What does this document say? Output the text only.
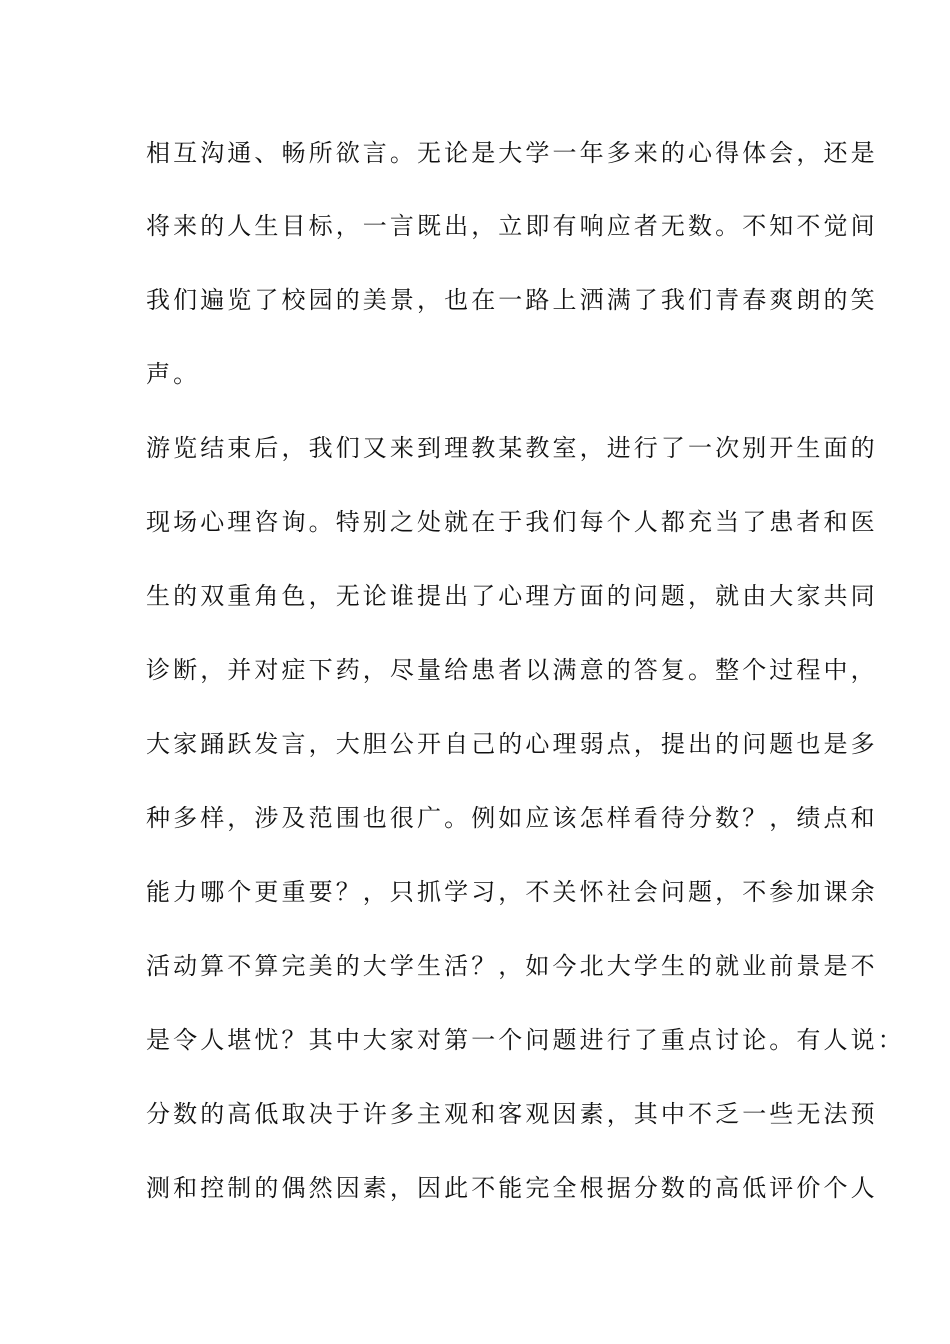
相互沟通、畅所欲言。无论是大学一年多来的心得体会，还是
将来的人生目标，一言既出，立即有响应者无数。不知不觉间
我们遍览了校园的美景，也在一路上洒满了我们青春爽朗的笑
声。
游览结束后，我们又来到理教某教室，进行了一次别开生面的
现场心理咨询。特别之处就在于我们每个人都充当了患者和医
生的双重角色，无论谁提出了心理方面的问题，就由大家共同
诊断，并对症下药，尽量给患者以满意的答复。整个过程中，
大家踊跃发言，大胆公开自己的心理弱点，提出的问题也是多
种多样，涉及范围也很广。例如应该怎样看待分数？，绩点和
能力哪个更重要？，只抓学习，不关怀社会问题，不参加课余
活动算不算完美的大学生活？，如今北大学生的就业前景是不
是令人堪忧？其中大家对第一个问题进行了重点讨论。有人说：
分数的高低取决于许多主观和客观因素，其中不乏一些无法预
测和控制的偶然因素，因此不能完全根据分数的高低评价个人
